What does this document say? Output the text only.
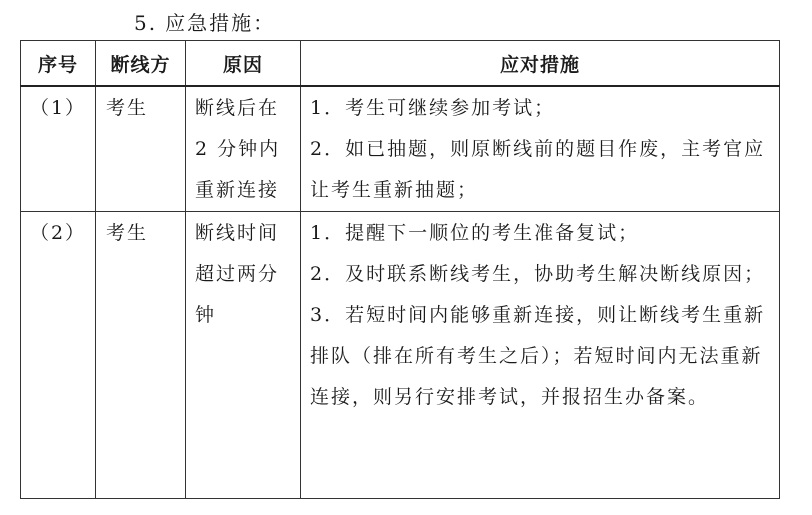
5. 应急措施：
序号	断线方	原因	应对措施
（1）	考生	断线后在 2 分钟内重新连接	1．考生可继续参加考试；
2．如已抽题，则原断线前的题目作废，主考官应让考生重新抽题；

（2）	考生	断线时间超过两分钟	1．提醒下一顺位的考生准备复试；
2．及时联系断线考生，协助考生解决断线原因；
3．若短时间内能够重新连接，则让断线考生重新排队（排在所有考生之后）；若短时间内无法重新连接，则另行安排考试，并报招生办备案。
